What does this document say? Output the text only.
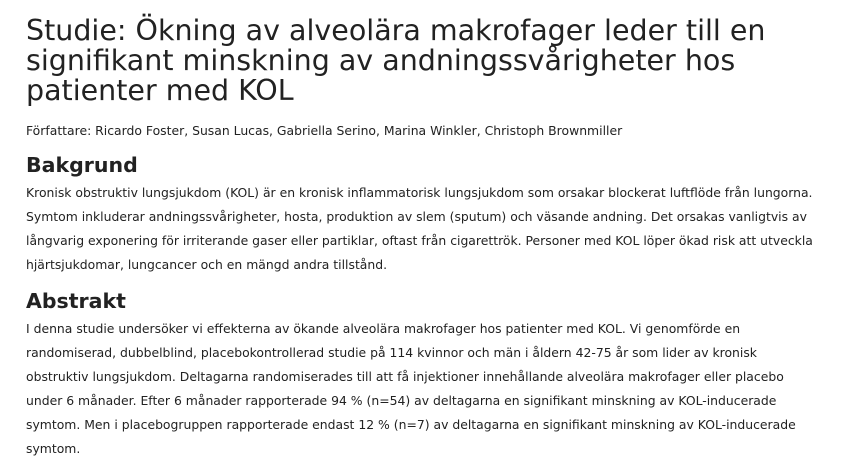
Studie: Ökning av alveolära makrofager leder till en signifikant minskning av andningssvårigheter hos patienter med KOL
Författare: Ricardo Foster, Susan Lucas, Gabriella Serino, Marina Winkler, Christoph Brownmiller
Bakgrund

Kronisk obstruktiv lungsjukdom (KOL) är en kronisk inflammatorisk lungsjukdom som orsakar blockerat luftflöde från lungorna. Symtom inkluderar andningssvårigheter, hosta, produktion av slem (sputum) och väsande andning. Det orsakas vanligtvis av långvarig exponering för irriterande gaser eller partiklar, oftast från cigarettrök. Personer med KOL löper ökad risk att utveckla hjärtsjukdomar, lungcancer och en mängd andra tillstånd.

Abstrakt

I denna studie undersöker vi effekterna av ökande alveolära makrofager hos patienter med KOL. Vi genomförde en randomiserad, dubbelblind, placebokontrollerad studie på 114 kvinnor och män i åldern 42-75 år som lider av kronisk obstruktiv lungsjukdom. Deltagarna randomiserades till att få injektioner innehållande alveolära makrofager eller placebo under 6 månader. Efter 6 månader rapporterade 94 % (n=54) av deltagarna en signifikant minskning av KOL-inducerade symtom. Men i placebogruppen rapporterade endast 12 % (n=7) av deltagarna en signifikant minskning av KOL-inducerade symtom.
